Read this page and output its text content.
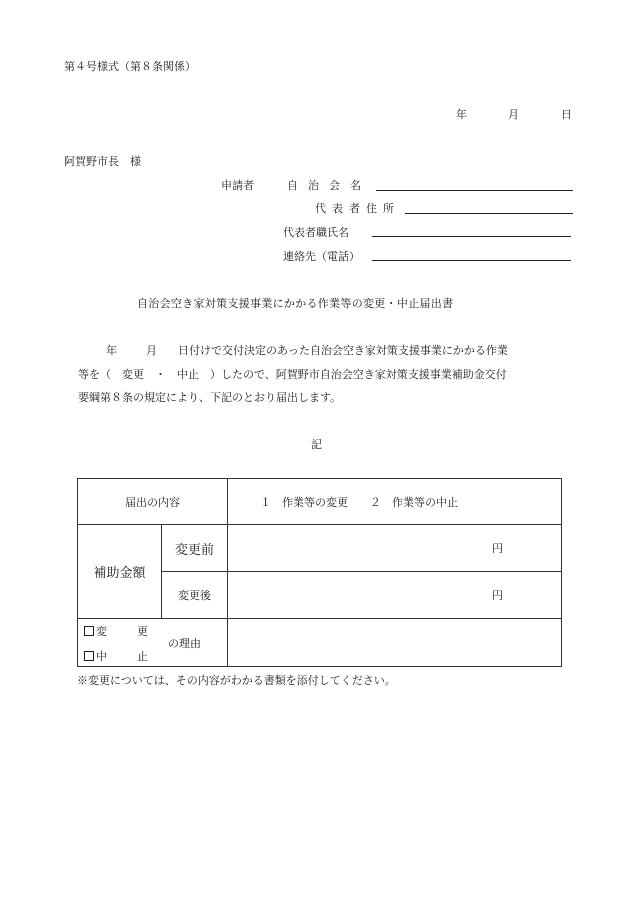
第４号様式（第８条関係）
年	月	日
阿賀野市長　様
申請者	自 治 会 名
代 表 者 住 所
代表者職氏名
連絡先（電話）
自治会空き家対策支援事業にかかる作業等の変更・中止届出書
年	月 日付けで交付決定のあった自治会空き家対策支援事業にかかる作業
等を（　変更　・　中止　）したので、阿賀野市自治会空き家対策支援事業補助金交付
要綱第８条の規定により、下記のとおり届出します。
記
届出の内容		１　作業等の変更　　２　作業等の中止
補助金額	変更前	円
	変更後	円

変 更
中 止
の理由		

※変更については、その内容がわかる書類を添付してください。
